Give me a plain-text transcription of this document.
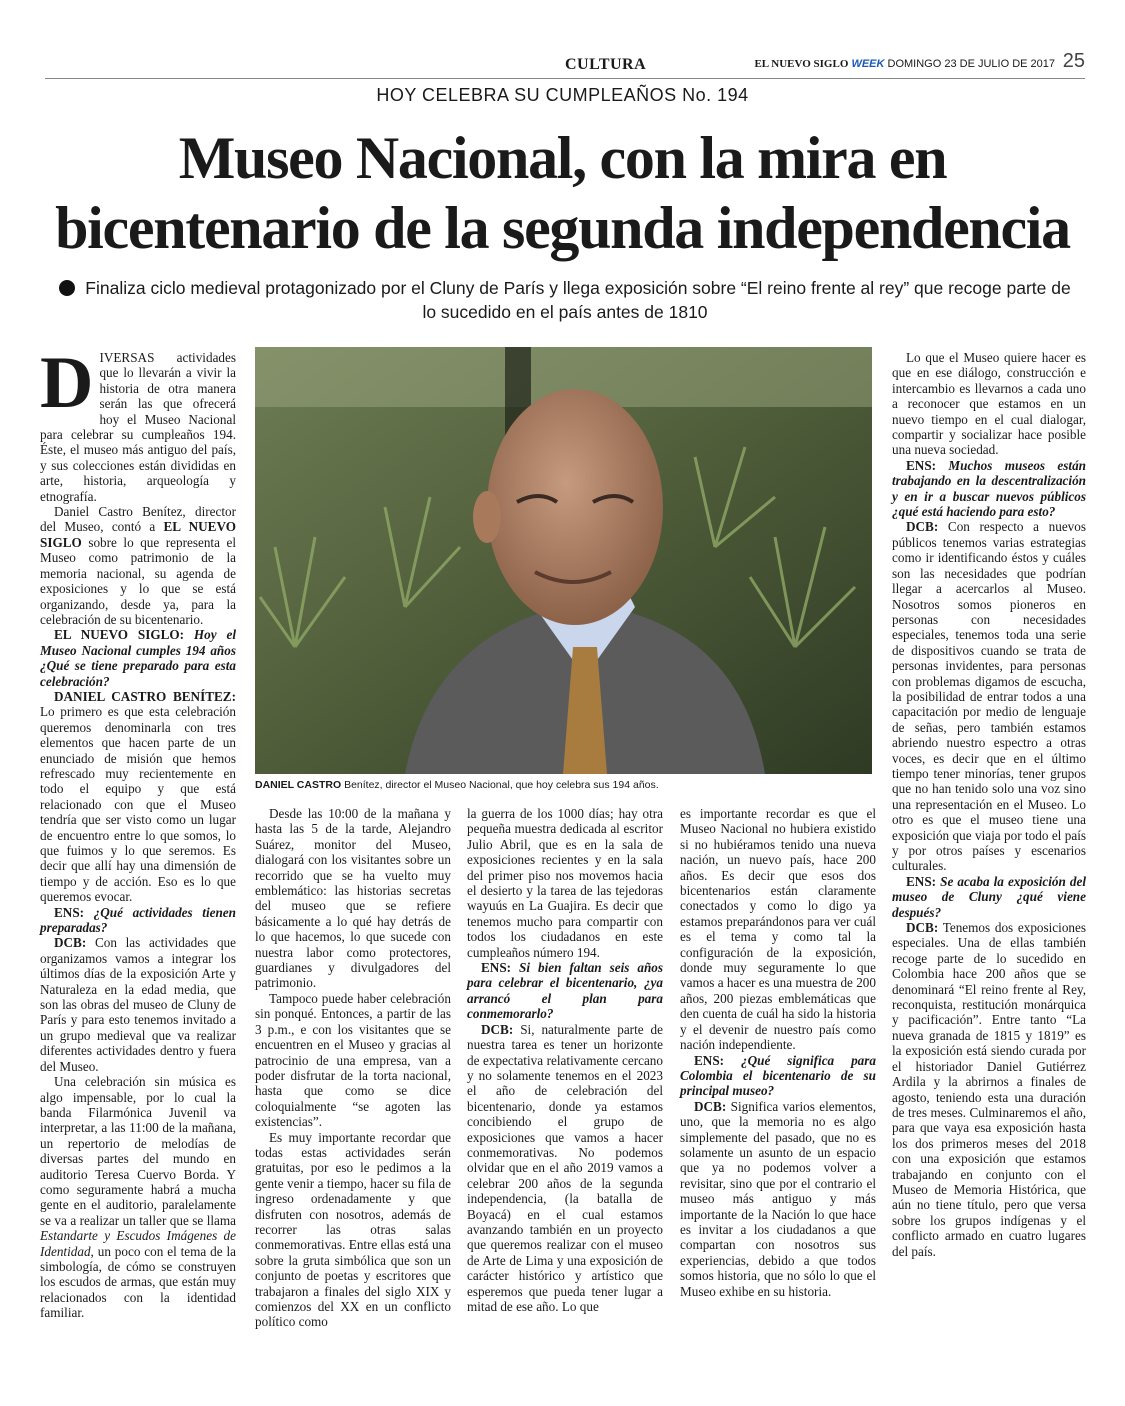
CULTURA	EL NUEVO SIGLO WEEK DOMINGO 23 DE JULIO DE 2017 25
HOY CELEBRA SU CUMPLEAÑOS No. 194
Museo Nacional, con la mira en
bicentenario de la segunda independencia
Finaliza ciclo medieval protagonizado por el Cluny de París y llega exposición sobre “El reino frente al rey” que recoge parte de lo sucedido en el país antes de 1810

DIVERSAS actividades que lo llevarán a vivir la historia de otra manera serán las que ofrecerá hoy el Museo Nacional para celebrar su cumpleaños 194. Éste, el museo más antiguo del país, y sus colecciones están divididas en arte, historia, arqueología y etnografía.

Daniel Castro Benítez, director del Museo, contó a EL NUEVO SIGLO sobre lo que representa el Museo como patrimonio de la memoria nacional, su agenda de exposiciones y lo que se está organizando, desde ya, para la celebración de su bicentenario.

EL NUEVO SIGLO: Hoy el Museo Nacional cumples 194 años ¿Qué se tiene preparado para esta celebración?

DANIEL CASTRO BENÍTEZ: Lo primero es que esta celebración queremos denominarla con tres elementos que hacen parte de un enunciado de misión que hemos refrescado muy recientemente en todo el equipo y que está relacionado con que el Museo tendría que ser visto como un lugar de encuentro entre lo que somos, lo que fuimos y lo que seremos. Es decir que allí hay una dimensión de tiempo y de acción. Eso es lo que queremos evocar.

ENS: ¿Qué actividades tienen preparadas?

DCB: Con las actividades que organizamos vamos a integrar los últimos días de la exposición Arte y Naturaleza en la edad media, que son las obras del museo de Cluny de París y para esto tenemos invitado a un grupo medieval que va realizar diferentes actividades dentro y fuera del Museo.

Una celebración sin música es algo impensable, por lo cual la banda Filarmónica Juvenil va interpretar, a las 11:00 de la mañana, un repertorio de melodías de diversas partes del mundo en auditorio Teresa Cuervo Borda. Y como seguramente habrá a mucha gente en el auditorio, paralelamente se va a realizar un taller que se llama Estandarte y Escudos Imágenes de Identidad, un poco con el tema de la simbología, de cómo se construyen los escudos de armas, que están muy relacionados con la identidad familiar.

DANIEL CASTRO Benítez, director el Museo Nacional, que hoy celebra sus 194 años.

Desde las 10:00 de la mañana y hasta las 5 de la tarde, Alejandro Suárez, monitor del Museo, dialogará con los visitantes sobre un recorrido que se ha vuelto muy emblemático: las historias secretas del museo que se refiere básicamente a lo qué hay detrás de lo que hacemos, lo que sucede con nuestra labor como protectores, guardianes y divulgadores del patrimonio.

Tampoco puede haber celebración sin ponqué. Entonces, a partir de las 3 p.m., e con los visitantes que se encuentren en el Museo y gracias al patrocinio de una empresa, van a poder disfrutar de la torta nacional, hasta que como se dice coloquialmente “se agoten las existencias”.

Es muy importante recordar que todas estas actividades serán gratuitas, por eso le pedimos a la gente venir a tiempo, hacer su fila de ingreso ordenadamente y que disfruten con nosotros, además de recorrer las otras salas conmemorativas. Entre ellas está una sobre la gruta simbólica que son un conjunto de poetas y escritores que trabajaron a finales del siglo XIX y comienzos del XX en un conflicto político como

la guerra de los 1000 días; hay otra pequeña muestra dedicada al escritor Julio Abril, que es en la sala de exposiciones recientes y en la sala del primer piso nos movemos hacia el desierto y la tarea de las tejedoras wayuús en La Guajira. Es decir que tenemos mucho para compartir con todos los ciudadanos en este cumpleaños número 194.

ENS: Si bien faltan seis años para celebrar el bicentenario, ¿ya arrancó el plan para conmemorarlo?

DCB: Si, naturalmente parte de nuestra tarea es tener un horizonte de expectativa relativamente cercano y no solamente tenemos en el 2023 el año de celebración del bicentenario, donde ya estamos concibiendo el grupo de exposiciones que vamos a hacer conmemorativas. No podemos olvidar que en el año 2019 vamos a celebrar 200 años de la segunda independencia, (la batalla de Boyacá) en el cual estamos avanzando también en un proyecto que queremos realizar con el museo de Arte de Lima y una exposición de carácter histórico y artístico que esperemos que pueda tener lugar a mitad de ese año. Lo que

es importante recordar es que el Museo Nacional no hubiera existido si no hubiéramos tenido una nueva nación, un nuevo país, hace 200 años. Es decir que esos dos bicentenarios están claramente conectados y como lo digo ya estamos preparándonos para ver cuál es el tema y como tal la configuración de la exposición, donde muy seguramente lo que vamos a hacer es una muestra de 200 años, 200 piezas emblemáticas que den cuenta de cuál ha sido la historia y el devenir de nuestro país como nación independiente.

ENS: ¿Qué significa para Colombia el bicentenario de su principal museo?

DCB: Significa varios elementos, uno, que la memoria no es algo simplemente del pasado, que no es solamente un asunto de un espacio que ya no podemos volver a revisitar, sino que por el contrario el museo más antiguo y más importante de la Nación lo que hace es invitar a los ciudadanos a que compartan con nosotros sus experiencias, debido a que todos somos historia, que no sólo lo que el Museo exhibe en su historia.

Lo que el Museo quiere hacer es que en ese diálogo, construcción e intercambio es llevarnos a cada uno a reconocer que estamos en un nuevo tiempo en el cual dialogar, compartir y socializar hace posible una nueva sociedad.

ENS: Muchos museos están trabajando en la descentralización y en ir a buscar nuevos públicos ¿qué está haciendo para esto?

DCB: Con respecto a nuevos públicos tenemos varias estrategias como ir identificando éstos y cuáles son las necesidades que podrían llegar a acercarlos al Museo. Nosotros somos pioneros en personas con necesidades especiales, tenemos toda una serie de dispositivos cuando se trata de personas invidentes, para personas con problemas digamos de escucha, la posibilidad de entrar todos a una capacitación por medio de lenguaje de señas, pero también estamos abriendo nuestro espectro a otras voces, es decir que en el último tiempo tener minorías, tener grupos que no han tenido solo una voz sino una representación en el Museo. Lo otro es que el museo tiene una exposición que viaja por todo el país y por otros países y escenarios culturales.

ENS: Se acaba la exposición del museo de Cluny ¿qué viene después?

DCB: Tenemos dos exposiciones especiales. Una de ellas también recoge parte de lo sucedido en Colombia hace 200 años que se denominará “El reino frente al Rey, reconquista, restitución monárquica y pacificación”. Entre tanto “La nueva granada de 1815 y 1819” es la exposición está siendo curada por el historiador Daniel Gutiérrez Ardila y la abrirnos a finales de agosto, teniendo esta una duración de tres meses. Culminaremos el año, para que vaya esa exposición hasta los dos primeros meses del 2018 con una exposición que estamos trabajando en conjunto con el Museo de Memoria Histórica, que aún no tiene título, pero que versa sobre los grupos indígenas y el conflicto armado en cuatro lugares del país.
